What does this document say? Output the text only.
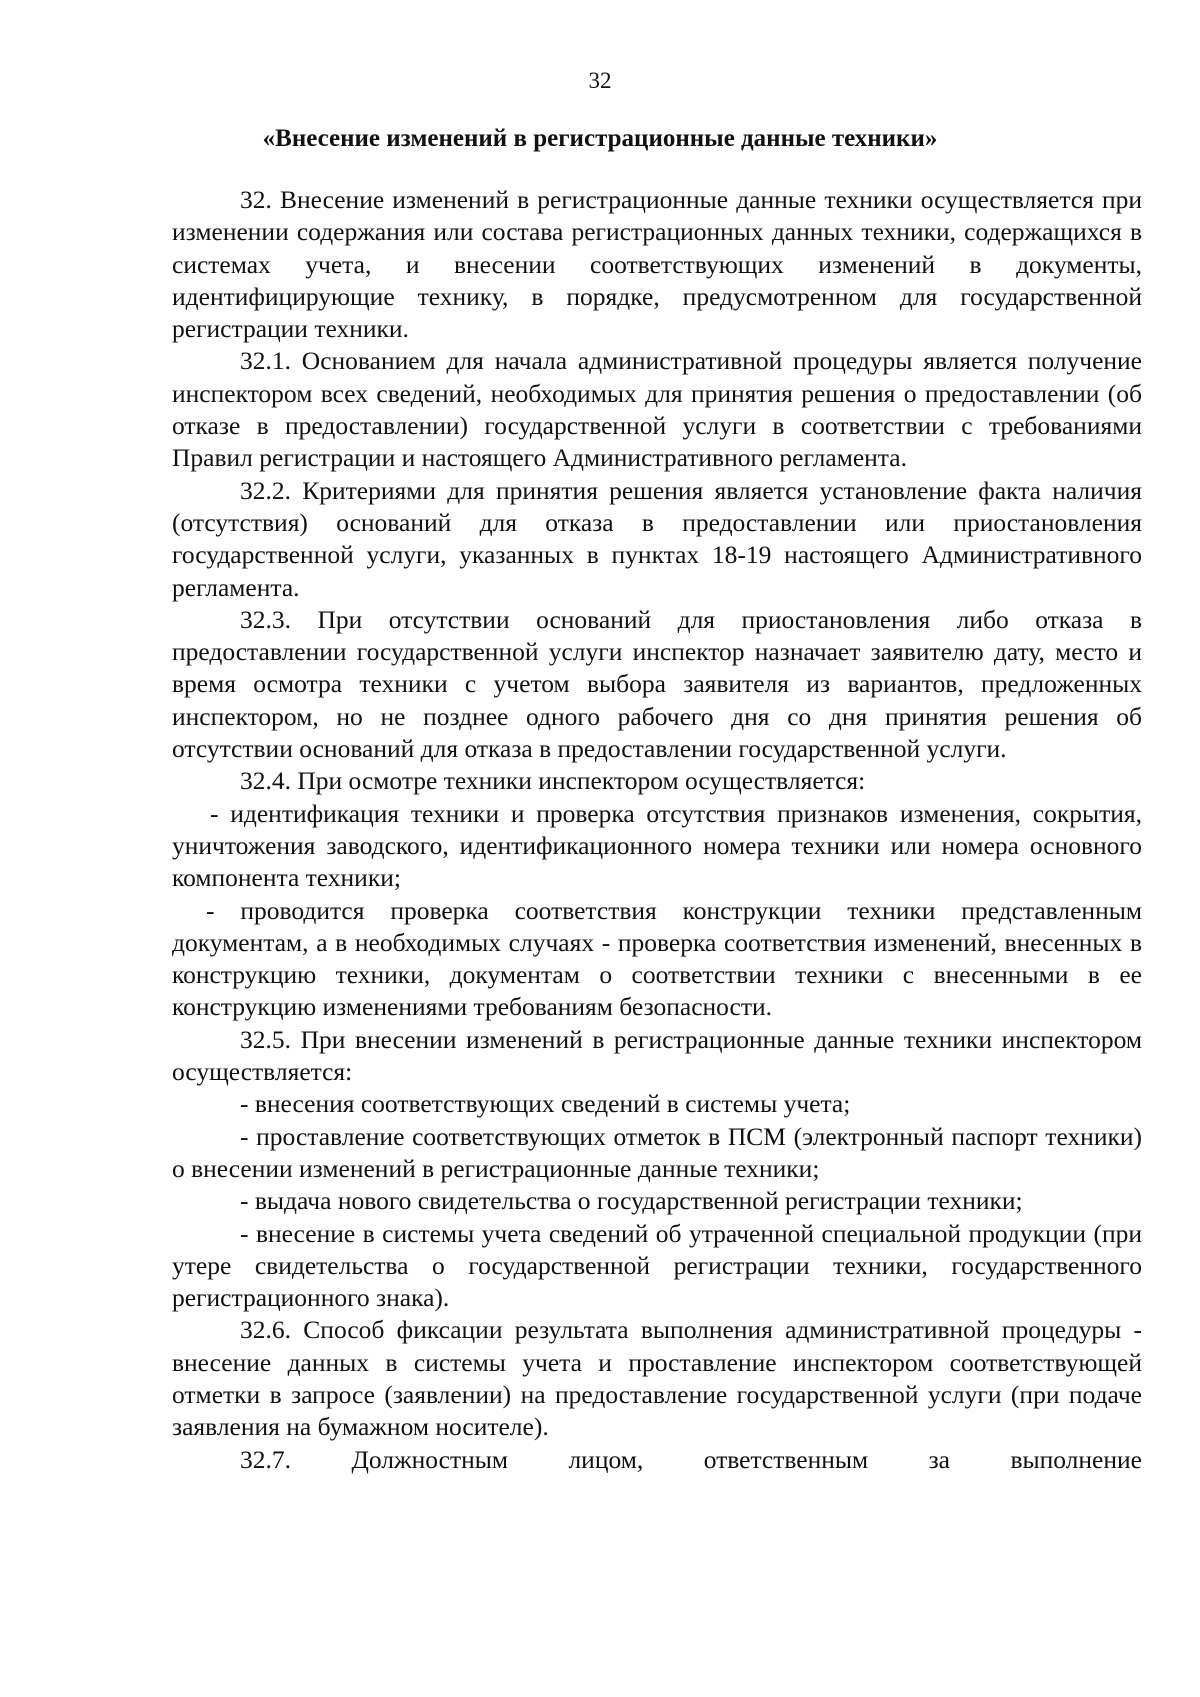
32
«Внесение изменений в регистрационные данные техники»

32. Внесение изменений в регистрационные данные техники осуществляется при изменении содержания или состава регистрационных данных техники, содержащихся в системах учета, и внесении соответствующих изменений в документы, идентифицирующие технику, в порядке, предусмотренном для государственной регистрации техники.

32.1. Основанием для начала административной процедуры является получение инспектором всех сведений, необходимых для принятия решения о предоставлении (об отказе в предоставлении) государственной услуги в соответствии с требованиями Правил регистрации и настоящего Административного регламента.

32.2. Критериями для принятия решения является установление факта наличия (отсутствия) оснований для отказа в предоставлении или приостановления государственной услуги, указанных в пунктах 18-19 настоящего Административного регламента.

32.3. При отсутствии оснований для приостановления либо отказа в предоставлении государственной услуги инспектор назначает заявителю дату, место и время осмотра техники с учетом выбора заявителя из вариантов, предложенных инспектором, но не позднее одного рабочего дня со дня принятия решения об отсутствии оснований для отказа в предоставлении государственной услуги.

32.4. При осмотре техники инспектором осуществляется:

- идентификация техники и проверка отсутствия признаков изменения, сокрытия, уничтожения заводского, идентификационного номера техники или номера основного компонента техники;

- проводится проверка соответствия конструкции техники представленным документам, а в необходимых случаях - проверка соответствия изменений, внесенных в конструкцию техники, документам о соответствии техники с внесенными в ее конструкцию изменениями требованиям безопасности.

32.5. При внесении изменений в регистрационные данные техники инспектором осуществляется:

- внесения соответствующих сведений в системы учета;

- проставление соответствующих отметок в ПСМ (электронный паспорт техники) о внесении изменений в регистрационные данные техники;

- выдача нового свидетельства о государственной регистрации техники;

- внесение в системы учета сведений об утраченной специальной продукции (при утере свидетельства о государственной регистрации техники, государственного регистрационного знака).

32.6. Способ фиксации результата выполнения административной процедуры - внесение данных в системы учета и проставление инспектором соответствующей отметки в запросе (заявлении) на предоставление государственной услуги (при подаче заявления на бумажном носителе).

32.7. Должностным лицом, ответственным за выполнение
